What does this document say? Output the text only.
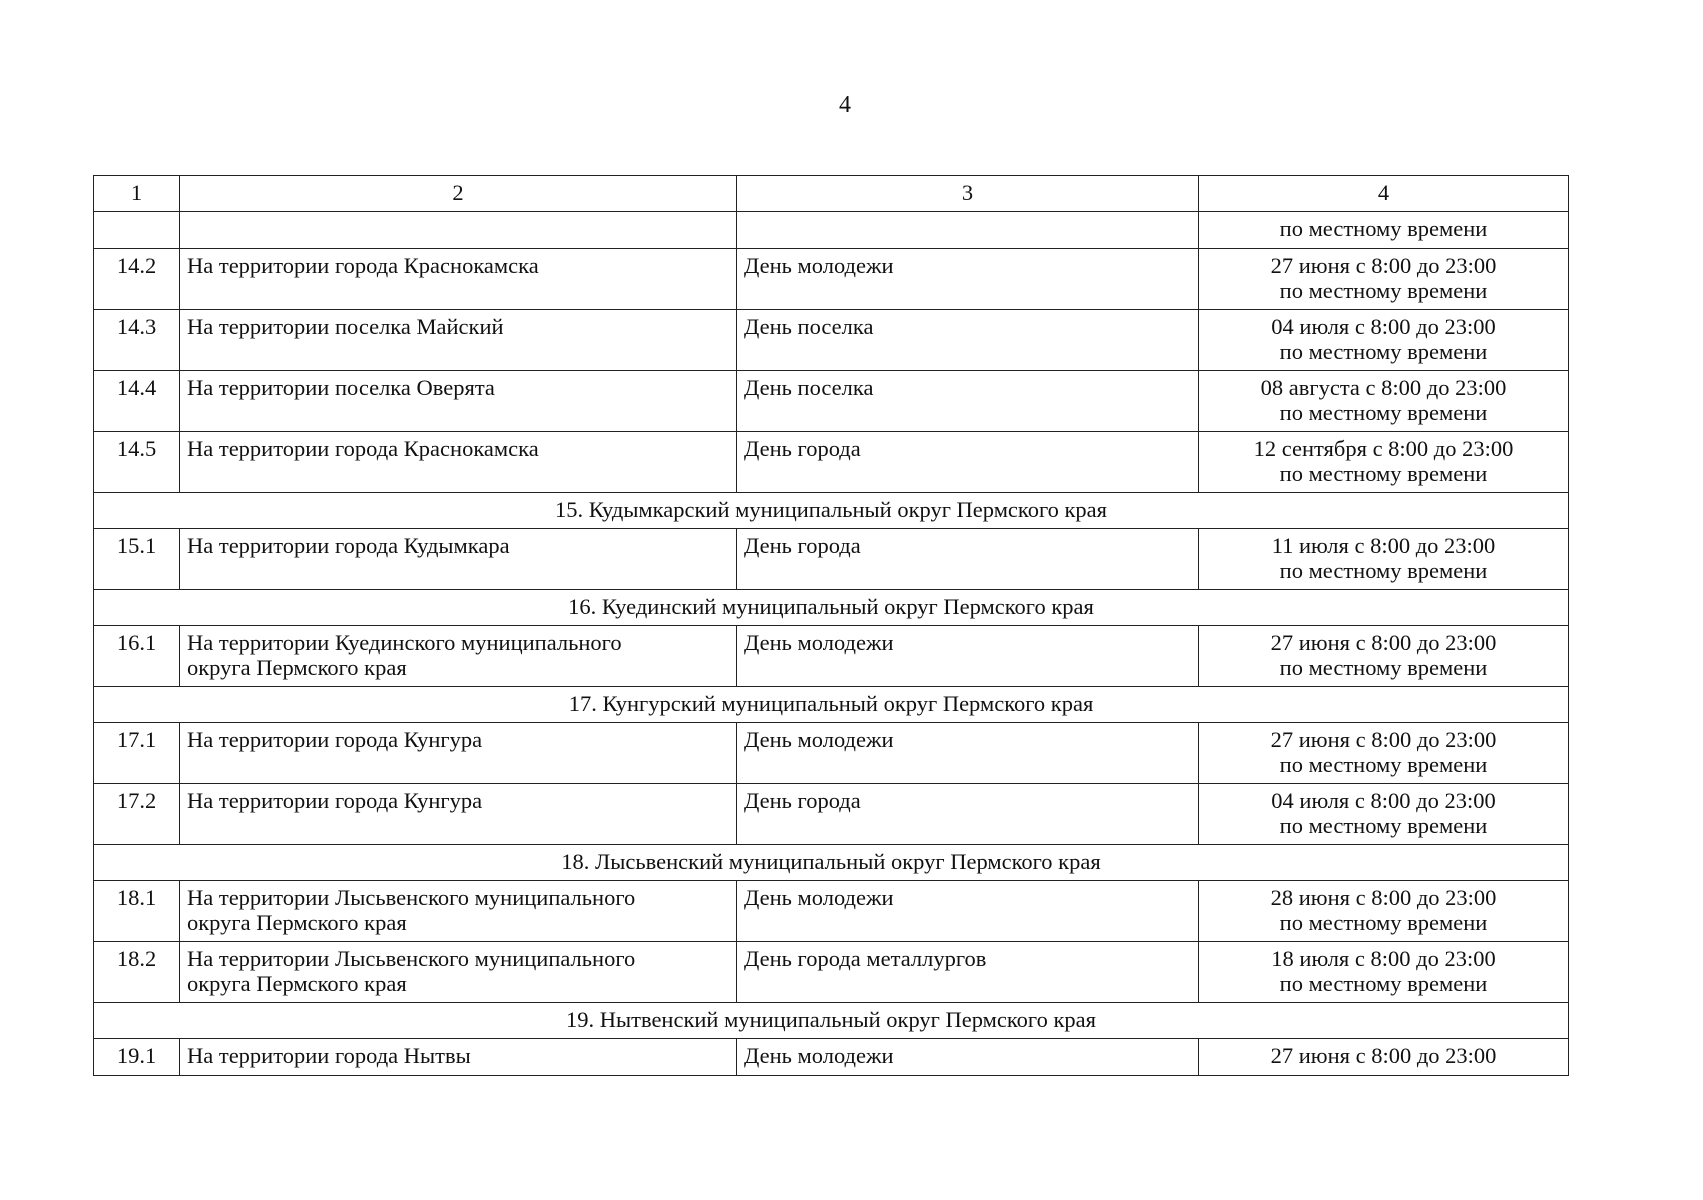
4
1	2	3	4
			по местному времени
14.2	На территории города Краснокамска	День молодежи	27 июня с 8:00 до 23:00
по местному времени

14.3	На территории поселка Майский	День поселка	04 июля с 8:00 до 23:00
по местному времени

14.4	На территории поселка Оверята	День поселка	08 августа с 8:00 до 23:00
по местному времени

14.5	На территории города Краснокамска	День города	12 сентября с 8:00 до 23:00
по местному времени

15. Кудымкарский муниципальный округ Пермского края			
15.1	На территории города Кудымкара	День города	11 июля с 8:00 до 23:00
по местному времени

16. Куединский муниципальный округ Пермского края			
16.1	На территории Куединского муниципального
округа Пермского края	День молодежи	27 июня с 8:00 до 23:00
по местному времени

17. Кунгурский муниципальный округ Пермского края			
17.1	На территории города Кунгура	День молодежи	27 июня с 8:00 до 23:00
по местному времени

17.2	На территории города Кунгура	День города	04 июля с 8:00 до 23:00
по местному времени

18. Лысьвенский муниципальный округ Пермского края			
18.1	На территории Лысьвенского муниципального
округа Пермского края	День молодежи	28 июня с 8:00 до 23:00
по местному времени

18.2	На территории Лысьвенского муниципального
округа Пермского края	День города металлургов	18 июля с 8:00 до 23:00
по местному времени

19. Нытвенский муниципальный округ Пермского края			
19.1	На территории города Нытвы	День молодежи	27 июня с 8:00 до 23:00
